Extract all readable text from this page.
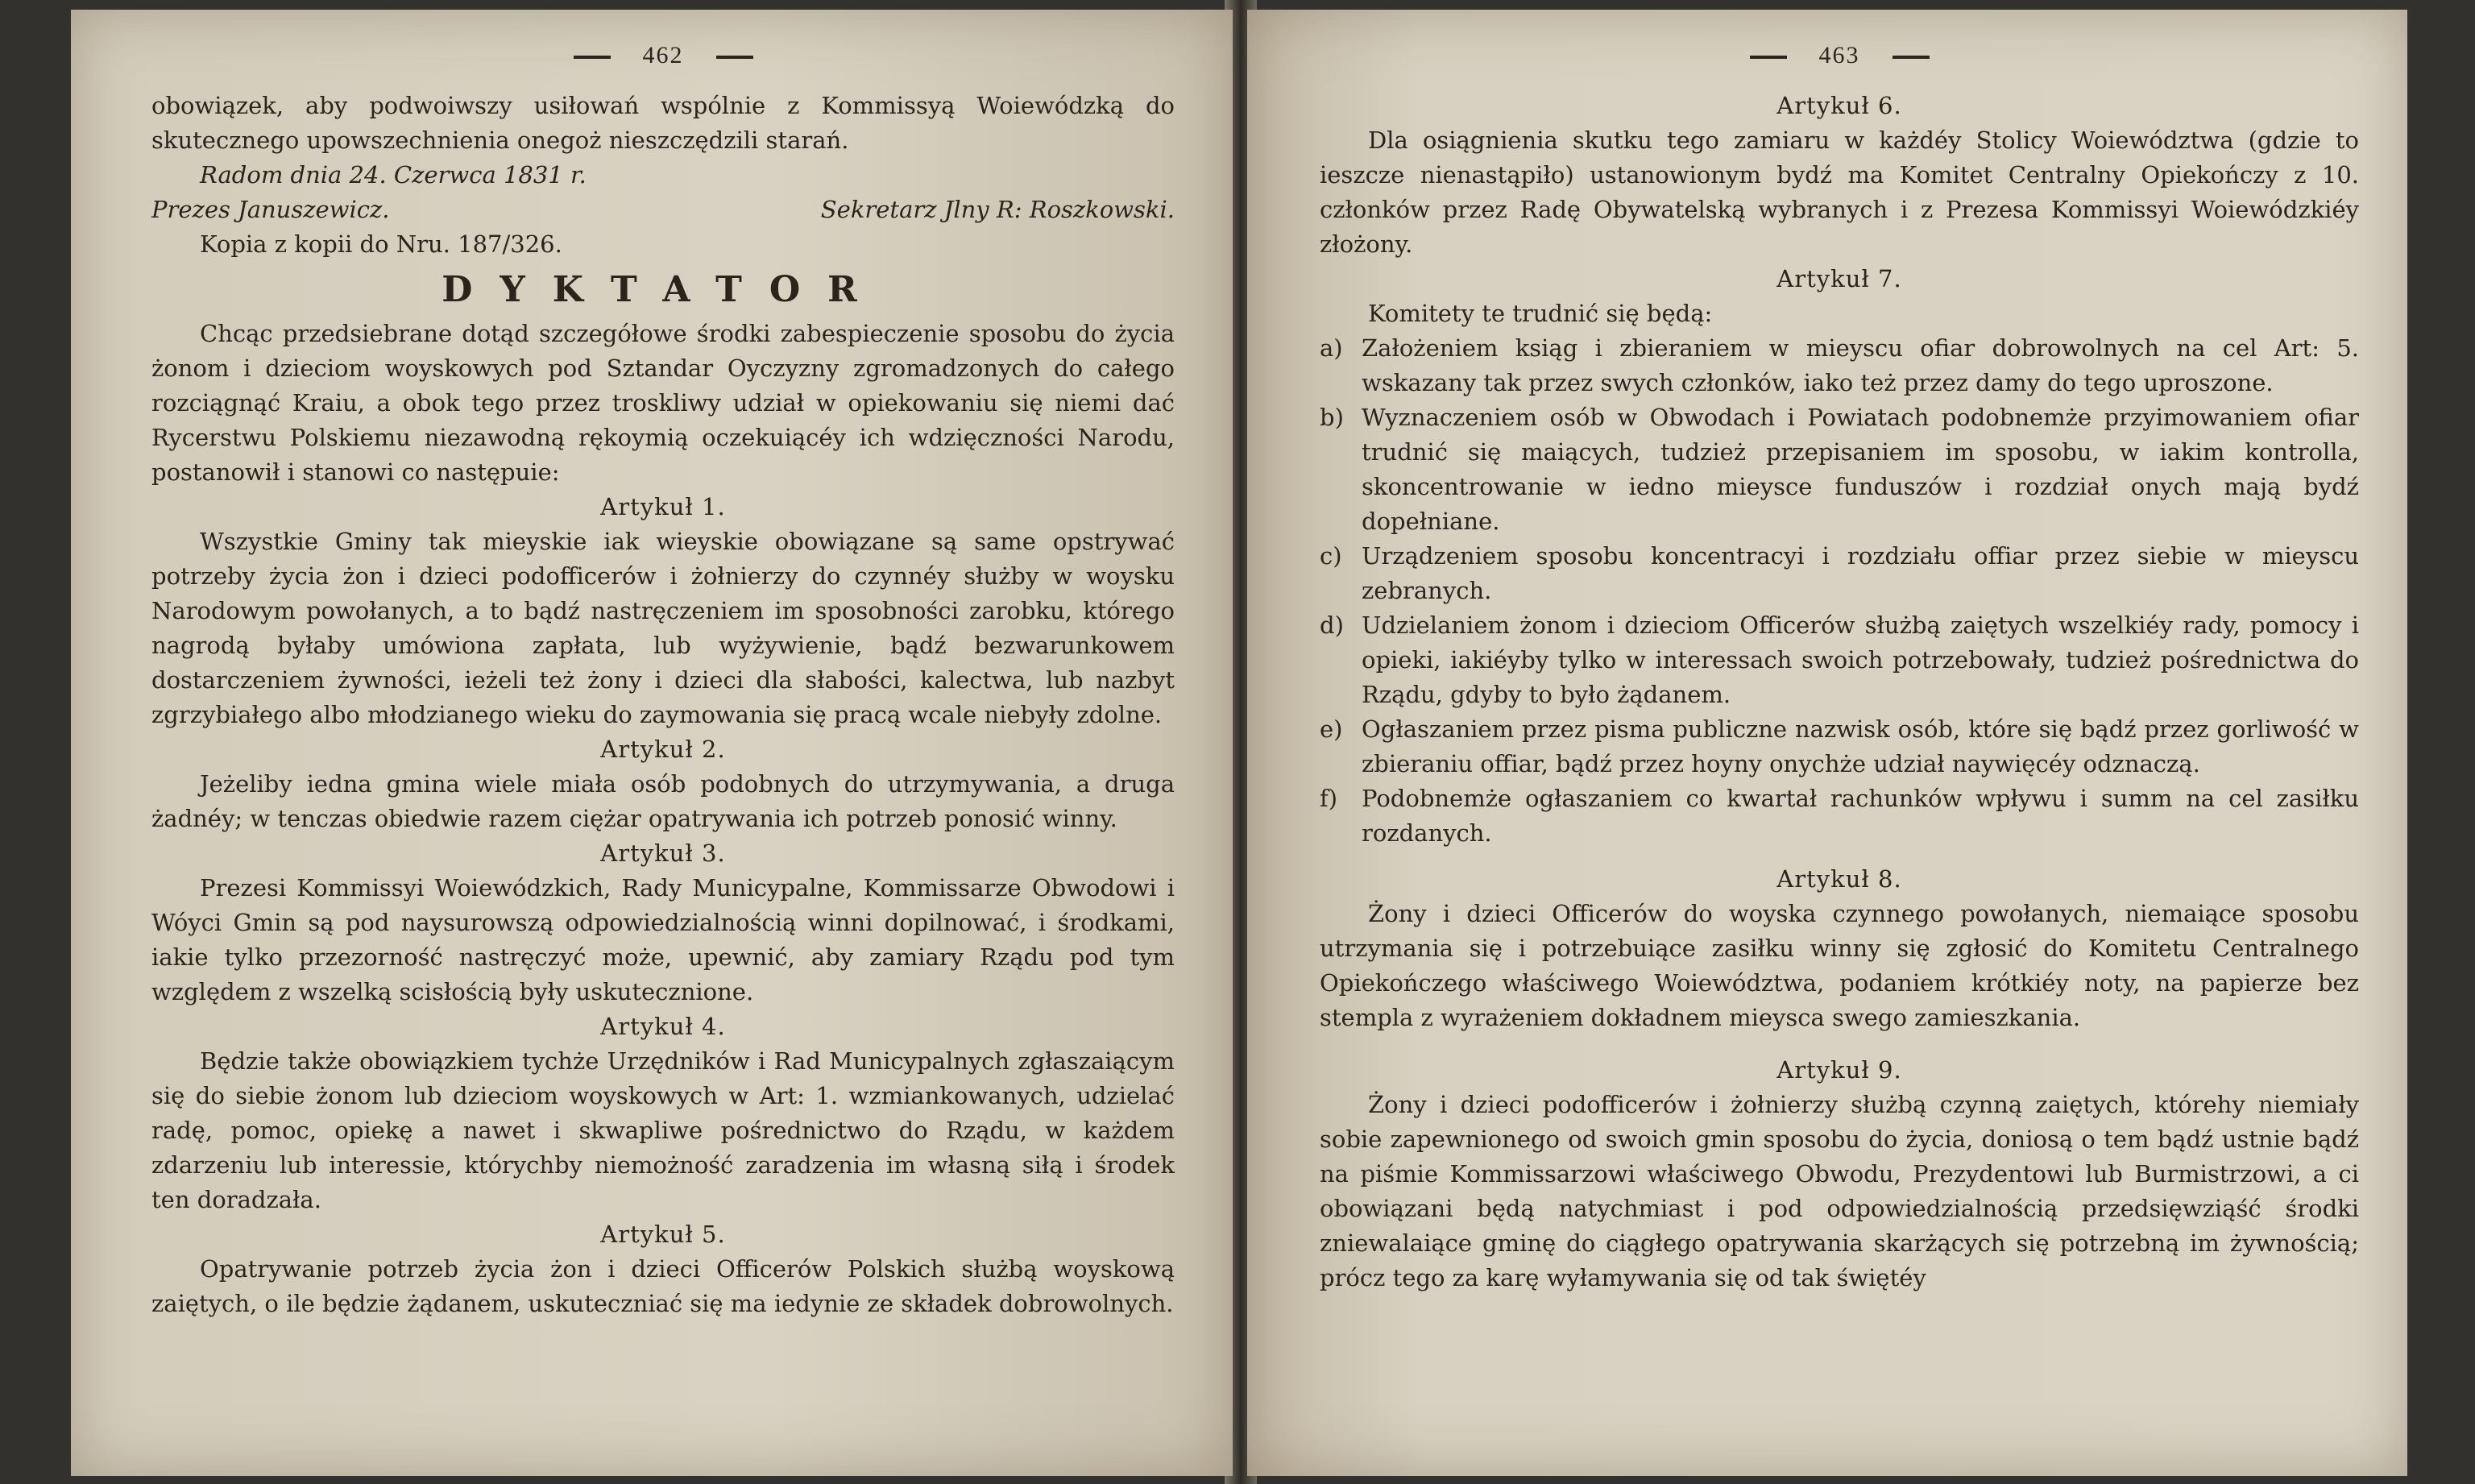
462

obowiązek, aby podwoiwszy usiłowań wspólnie z Kommissyą Woiewódzką do skutecznego upowszechnienia onegoż nieszczędzili starań.

Radom dnia 24. Czerwca 1831 r.

Prezes Januszewicz.	Sekretarz Jlny R: Roszkowski.

Kopia z kopii do Nru. 187/326.

DYKTATOR

Chcąc przedsiebrane dotąd szczegółowe środki zabespieczenie sposobu do życia żonom i dzieciom woyskowych pod Sztandar Oyczyzny zgromadzonych do całego rozciągnąć Kraiu, a obok tego przez troskliwy udział w opiekowaniu się niemi dać Rycerstwu Polskiemu niezawodną rękoymią oczekuiącéy ich wdzięczności Narodu, postanowił i stanowi co następuie:

Artykuł 1.

Wszystkie Gminy tak mieyskie iak wieyskie obowiązane są same opstrywać potrzeby życia żon i dzieci podofficerów i żołnierzy do czynnéy służby w woysku Narodowym powołanych, a to bądź nastręczeniem im sposobności zarobku, którego nagrodą byłaby umówiona zapłata, lub wyżywienie, bądź bezwarunkowem dostarczeniem żywności, ieżeli też żony i dzieci dla słabości, kalectwa, lub nazbyt zgrzybiałego albo młodzianego wieku do zaymowania się pracą wcale niebyły zdolne.

Artykuł 2.

Jeżeliby iedna gmina wiele miała osób podobnych do utrzymywania, a druga żadnéy; w tenczas obiedwie razem ciężar opatrywania ich potrzeb ponosić winny.

Artykuł 3.

Prezesi Kommissyi Woiewódzkich, Rady Municypalne, Kommissarze Obwodowi i Wóyci Gmin są pod naysurowszą odpowiedzialnością winni dopilnować, i środkami, iakie tylko przezorność nastręczyć może, upewnić, aby zamiary Rządu pod tym względem z wszelką scisłością były uskutecznione.

Artykuł 4.

Będzie także obowiązkiem tychże Urzędników i Rad Municypalnych zgłaszaiącym się do siebie żonom lub dzieciom woyskowych w Art: 1. wzmiankowanych, udzielać radę, pomoc, opiekę a nawet i skwapliwe pośrednictwo do Rządu, w każdem zdarzeniu lub interessie, którychby niemożność zaradzenia im własną siłą i środek ten doradzała.

Artykuł 5.

Opatrywanie potrzeb życia żon i dzieci Officerów Polskich służbą woyskową zaiętych, o ile będzie żądanem, uskuteczniać się ma iedynie ze składek dobrowolnych.

463
Artykuł 6.

Dla osiągnienia skutku tego zamiaru w każdéy Stolicy Woiewództwa (gdzie to ieszcze nienastąpiło) ustanowionym bydź ma Komitet Centralny Opiekończy z 10. członków przez Radę Obywatelską wybranych i z Prezesa Kommissyi Woiewódzkiéy złożony.

Artykuł 7.

Komitety te trudnić się będą:

a) Założeniem ksiąg i zbieraniem w mieyscu ofiar dobrowolnych na cel Art: 5. wskazany tak przez swych członków, iako też przez damy do tego uproszone.
b) Wyznaczeniem osób w Obwodach i Powiatach podobnemże przyimowaniem ofiar trudnić się maiących, tudzież przepisaniem im sposobu, w iakim kontrolla, skoncentrowanie w iedno mieysce funduszów i rozdział onych mają bydź dopełniane.
c) Urządzeniem sposobu koncentracyi i rozdziału offiar przez siebie w mieyscu zebranych.
d) Udzielaniem żonom i dzieciom Officerów służbą zaiętych wszelkiéy rady, pomocy i opieki, iakiéyby tylko w interessach swoich potrzebowały, tudzież pośrednictwa do Rządu, gdyby to było żądanem.
e) Ogłaszaniem przez pisma publiczne nazwisk osób, które się bądź przez gorliwość w zbieraniu offiar, bądź przez hoyny onychże udział naywięcéy odznaczą.
f)	Podobnemże ogłaszaniem co kwartał rachunków wpływu i summ na cel zasiłku rozdanych.
Artykuł 8.

Żony i dzieci Officerów do woyska czynnego powołanych, niemaiące sposobu utrzymania się i potrzebuiące zasiłku winny się zgłosić do Komitetu Centralnego Opiekończego właściwego Woiewództwa, podaniem krótkiéy noty, na papierze bez stempla z wyrażeniem dokładnem mieysca swego zamieszkania.

Artykuł 9.

Żony i dzieci podofficerów i żołnierzy służbą czynną zaiętych, którehy niemiały sobie zapewnionego od swoich gmin sposobu do życia, doniosą o tem bądź ustnie bądź na piśmie Kommissarzowi właściwego Obwodu, Prezydentowi lub Burmistrzowi, a ci obowiązani będą natychmiast i pod odpowiedzialnością przedsięwziąść środki zniewalaiące gminę do ciągłego opatrywania skarżących się potrzebną im żywnością; prócz tego za karę wyłamywania się od tak świętéy
